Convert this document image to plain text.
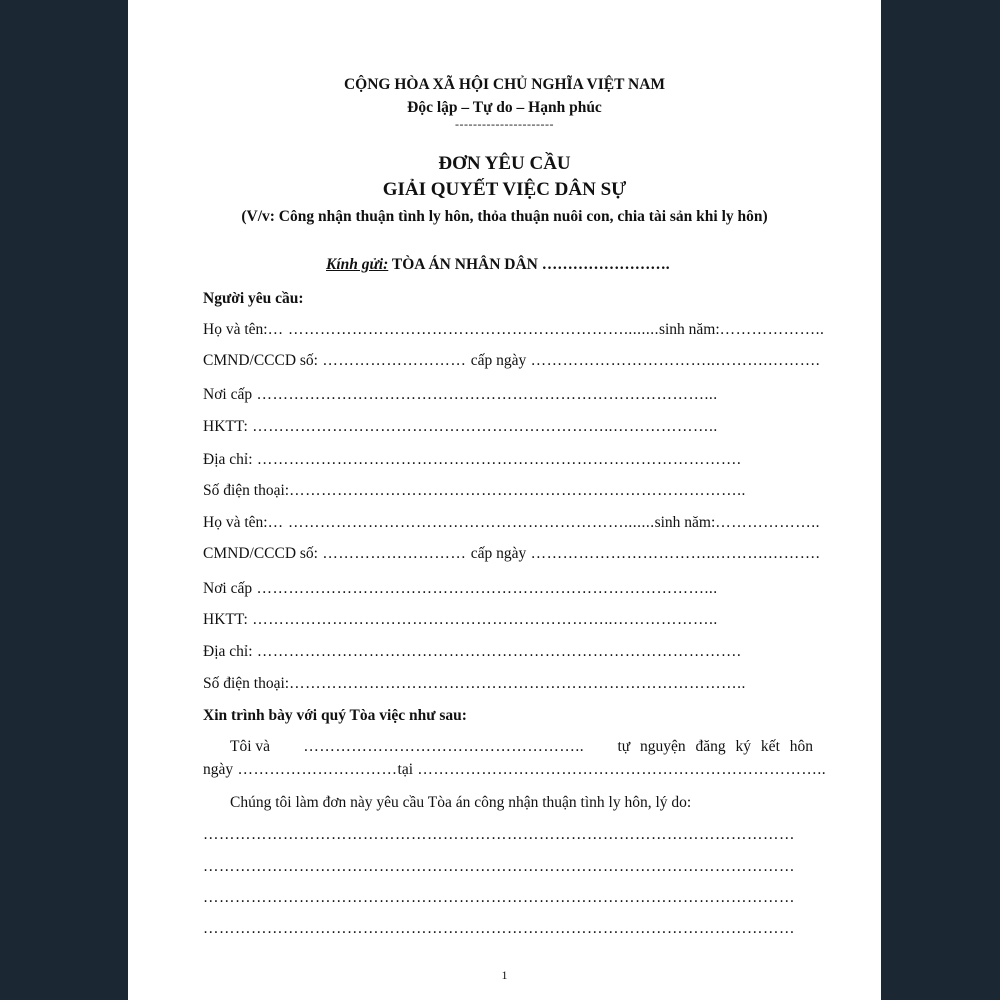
CỘNG HÒA XÃ HỘI CHỦ NGHĨA VIỆT NAM
Độc lập – Tự do – Hạnh phúc
----------------------
ĐƠN YÊU CẦU
GIẢI QUYẾT VIỆC DÂN SỰ
(V/v: Công nhận thuận tình ly hôn, thỏa thuận nuôi con, chia tài sản khi ly hôn)
Kính gửi: TÒA ÁN NHÂN DÂN …………………….
Người yêu cầu:
Họ và tên:… ………………………………………………………........sinh năm:………………..
CMND/CCCD số: ……………………… cấp ngày ……………………………..……….……….
Nơi cấp …………………………………………………………………………...
HKTT: …………………………………………………………..………………..
Địa chỉ: ……………………………………………………………………………….
Số điện thoại:…………………………………………………………………………..
Họ và tên:… ……………………………………………………….......sinh năm:………………..
CMND/CCCD số: ……………………… cấp ngày ……………………………..……….……….
Nơi cấp …………………………………………………………………………...
HKTT: …………………………………………………………..………………..
Địa chỉ: ……………………………………………………………………………….
Số điện thoại:…………………………………………………………………………..
Xin trình bày với quý Tòa việc như sau:
Tôi và …………………………………………….. tự nguyện đăng ký kết hôn
ngày …………………………tại …………………………………………………………………..
Chúng tôi làm đơn này yêu cầu Tòa án công nhận thuận tình ly hôn, lý do:
…………………………………………………………………………………………………
…………………………………………………………………………………………………
…………………………………………………………………………………………………
…………………………………………………………………………………………………
1
